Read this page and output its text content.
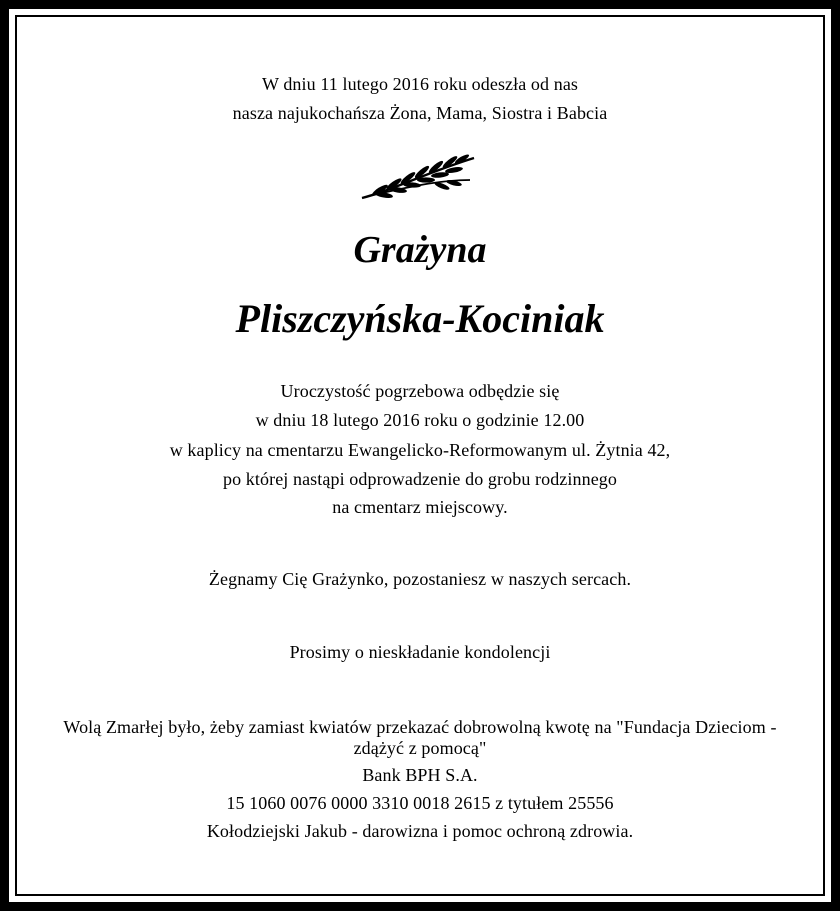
W dniu 11 lutego 2016 roku odeszła od nas
nasza najukochańsza Żona, Mama, Siostra i Babcia
Grażyna
Pliszczyńska-Kociniak
Uroczystość pogrzebowa odbędzie się
w dniu 18 lutego 2016 roku o godzinie 12.00
w kaplicy na cmentarzu Ewangelicko-Reformowanym ul. Żytnia 42,
po której nastąpi odprowadzenie do grobu rodzinnego
na cmentarz miejscowy.
Żegnamy Cię Grażynko, pozostaniesz w naszych sercach.
Prosimy o nieskładanie kondolencji
Wolą Zmarłej było, żeby zamiast kwiatów przekazać dobrowolną kwotę na "Fundacja Dzieciom -
zdążyć z pomocą"
Bank BPH S.A.
15 1060 0076 0000 3310 0018 2615 z tytułem 25556
Kołodziejski Jakub - darowizna i pomoc ochroną zdrowia.
